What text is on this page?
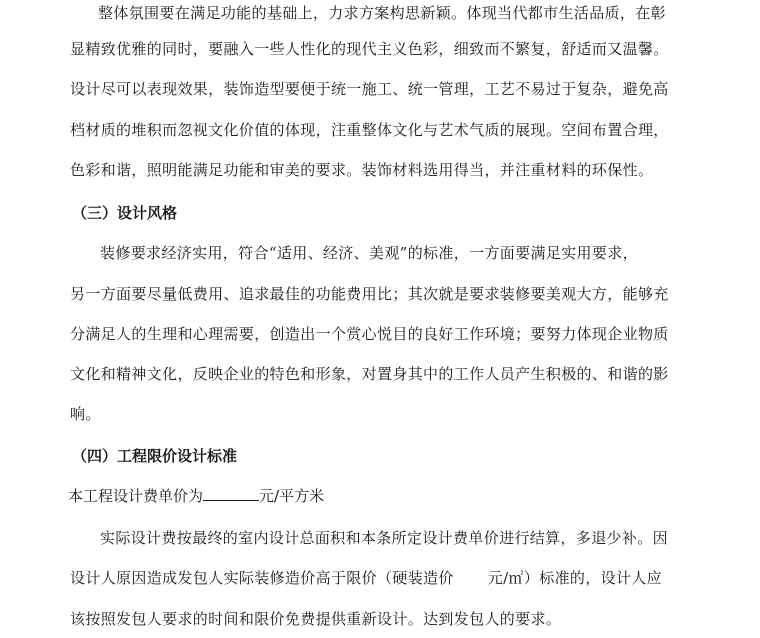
整体氛围要在满足功能的基础上，力求方案构思新颖。体现当代都市生活品质，在彰
显精致优雅的同时，要融入一些人性化的现代主义色彩，细致而不繁复，舒适而又温馨。
设计尽可以表现效果，装饰造型要便于统一施工、统一管理，工艺不易过于复杂，避免高
档材质的堆积而忽视文化价值的体现，注重整体文化与艺术气质的展现。空间布置合理，
色彩和谐，照明能满足功能和审美的要求。装饰材料选用得当，并注重材料的环保性。
（三）设计风格
装修要求经济实用，符合“适用、经济、美观”的标准，一方面要满足实用要求，
另一方面要尽量低费用、追求最佳的功能费用比；其次就是要求装修要美观大方，能够充
分满足人的生理和心理需要，创造出一个赏心悦目的良好工作环境；要努力体现企业物质
文化和精神文化，反映企业的特色和形象，对置身其中的工作人员产生积极的、和谐的影
响。
（四）工程限价设计标准
本工程设计费单价为	元/平方米
实际设计费按最终的室内设计总面积和本条所定设计费单价进行结算，多退少补。因
设计人原因造成发包人实际装修造价高于限价（硬装造价 元/㎡）标准的，设计人应
该按照发包人要求的时间和限价免费提供重新设计。达到发包人的要求。
